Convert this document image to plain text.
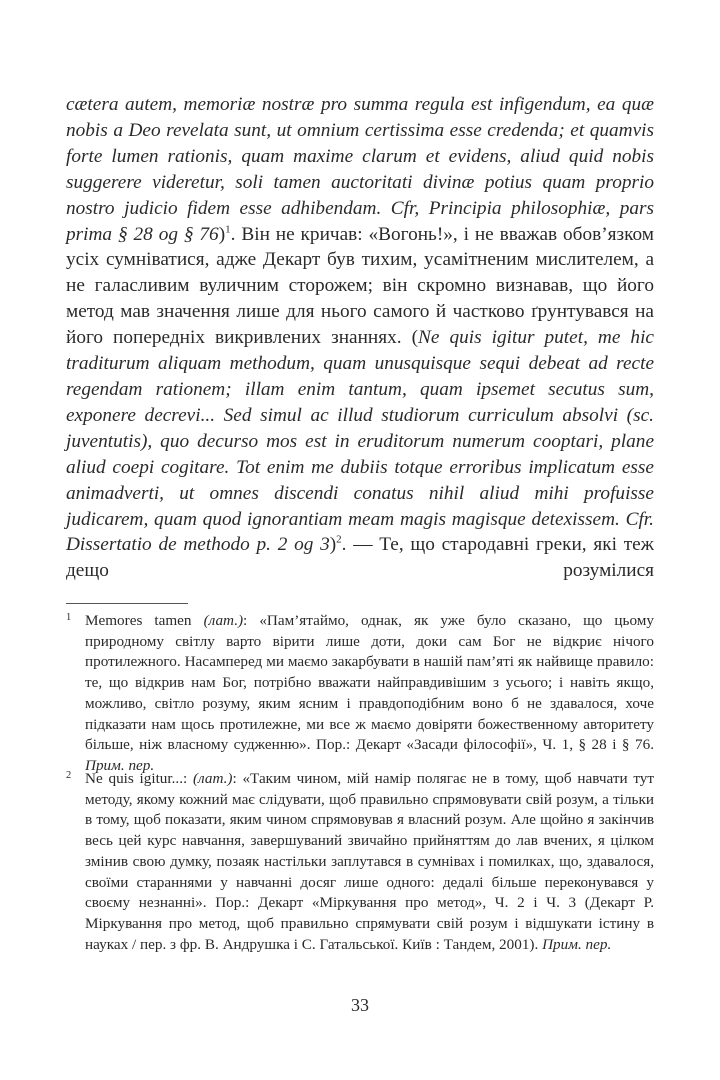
cætera autem, memoriæ nostræ pro summa regula est infigendum, ea quæ nobis a Deo revelata sunt, ut omnium certissima esse credenda; et quamvis forte lumen rationis, quam maxime clarum et evidens, aliud quid nobis suggerere videretur, soli tamen auctoritati divinæ potius quam proprio nostro judicio fidem esse adhibendam. Cfr, Principia philosophiæ, pars prima § 28 og § 76)$^1$. Він не кричав: «Вогонь!», і не вважав обов’язком усіх сумніватися, адже Декарт був тихим, усамітненим мислителем, а не галасливим вуличним сторожем; він скромно визнавав, що його метод мав значення лише для нього самого й частково ґрунтувався на його попередніх викривлених знаннях. (Ne quis igitur putet, me hic traditurum aliquam methodum, quam unusquisque sequi debeat ad recte regendam rationem; illam enim tantum, quam ipsemet secutus sum, exponere decrevi... Sed simul ac illud studiorum curriculum absolvi (sc. juventutis), quo decurso mos est in eruditorum numerum cooptari, plane aliud coepi cogitare. Tot enim me dubiis totque erroribus implicatum esse animadverti, ut omnes discendi conatus nihil aliud mihi profuisse judicarem, quam quod ignorantiam meam magis magisque detexissem. Cfr. Dissertatio de methodo p. 2 og 3)$^2$. — Те, що стародавні греки, які теж дещо розумілися
1 Memores tamen (лат.): «Пам’ятаймо, однак, як уже було сказано, що цьому природному світлу варто вірити лише доти, доки сам Бог не відкриє нічого протилежного. Насамперед ми маємо закарбувати в нашій пам’яті як найвище правило: те, що відкрив нам Бог, потрібно вважати найправдивішим з усього; і навіть якщо, можливо, світло розуму, яким ясним і правдоподібним воно б не здавалося, хоче підказати нам щось протилежне, ми все ж маємо довіряти божественному авторитету більше, ніж власному судженню». Пор.: Декарт «Засади філософії», Ч. 1, § 28 і § 76. Прим. пер.
2 Ne quis igitur...: (лат.): «Таким чином, мій намір полягає не в тому, щоб навчати тут методу, якому кожний має слідувати, щоб правильно спрямовувати свій розум, а тільки в тому, щоб показати, яким чином спрямовував я власний розум. Але щойно я закінчив весь цей курс навчання, завершуваний звичайно прийняттям до лав вчених, я цілком змінив свою думку, позаяк настільки заплутався в сумнівах і помилках, що, здавалося, своїми стараннями у навчанні досяг лише одного: дедалі більше переконувався у своєму незнанні». Пор.: Декарт «Міркування про метод», Ч. 2 і Ч. 3 (Декарт Р. Міркування про метод, щоб правильно спрямувати свій розум і відшукати істину в науках / пер. з фр. В. Андрушка і С. Гатальської. Київ : Тандем, 2001). Прим. пер.
33
